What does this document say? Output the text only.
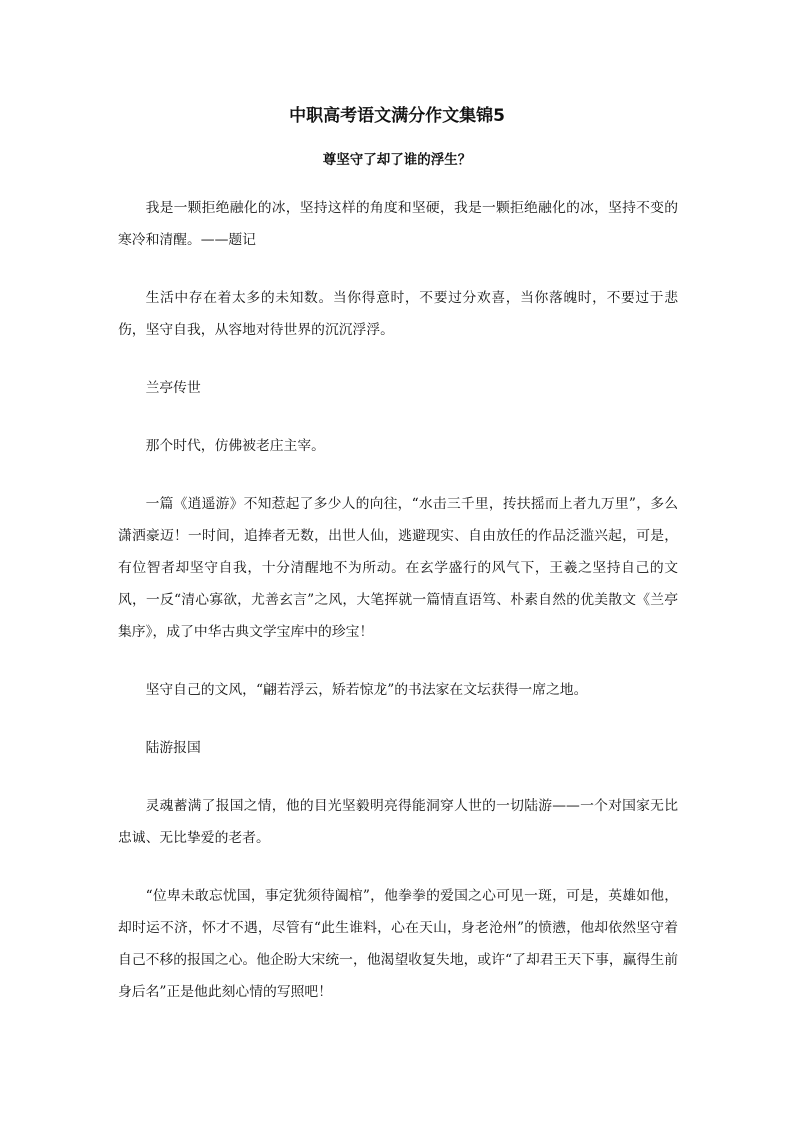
中职高考语文满分作文集锦5
尊坚守了却了谁的浮生？

我是一颗拒绝融化的冰，坚持这样的角度和坚硬，我是一颗拒绝融化的冰，坚持不变的寒冷和清醒。——题记

生活中存在着太多的未知数。当你得意时，不要过分欢喜，当你落魄时，不要过于悲伤，坚守自我，从容地对待世界的沉沉浮浮。

兰亭传世

那个时代，仿佛被老庄主宰。

一篇《逍遥游》不知惹起了多少人的向往，“水击三千里，抟扶摇而上者九万里”，多么潇洒豪迈！一时间，追捧者无数，出世人仙，逃避现实、自由放任的作品泛滥兴起，可是，有位智者却坚守自我，十分清醒地不为所动。在玄学盛行的风气下，王羲之坚持自己的文风，一反“清心寡欲，尤善玄言”之风，大笔挥就一篇情直语笃、朴素自然的优美散文《兰亭集序》，成了中华古典文学宝库中的珍宝！

坚守自己的文风，“翩若浮云，矫若惊龙”的书法家在文坛获得一席之地。

陆游报国

灵魂蓄满了报国之情，他的目光坚毅明亮得能洞穿人世的一切陆游——一个对国家无比忠诚、无比挚爱的老者。

“位卑未敢忘忧国，事定犹须待阖棺”，他拳拳的爱国之心可见一斑，可是，英雄如他，却时运不济，怀才不遇，尽管有“此生谁料，心在天山，身老沧州”的愤懑，他却依然坚守着自己不移的报国之心。他企盼大宋统一，他渴望收复失地，或许“了却君王天下事，赢得生前身后名”正是他此刻心情的写照吧！
